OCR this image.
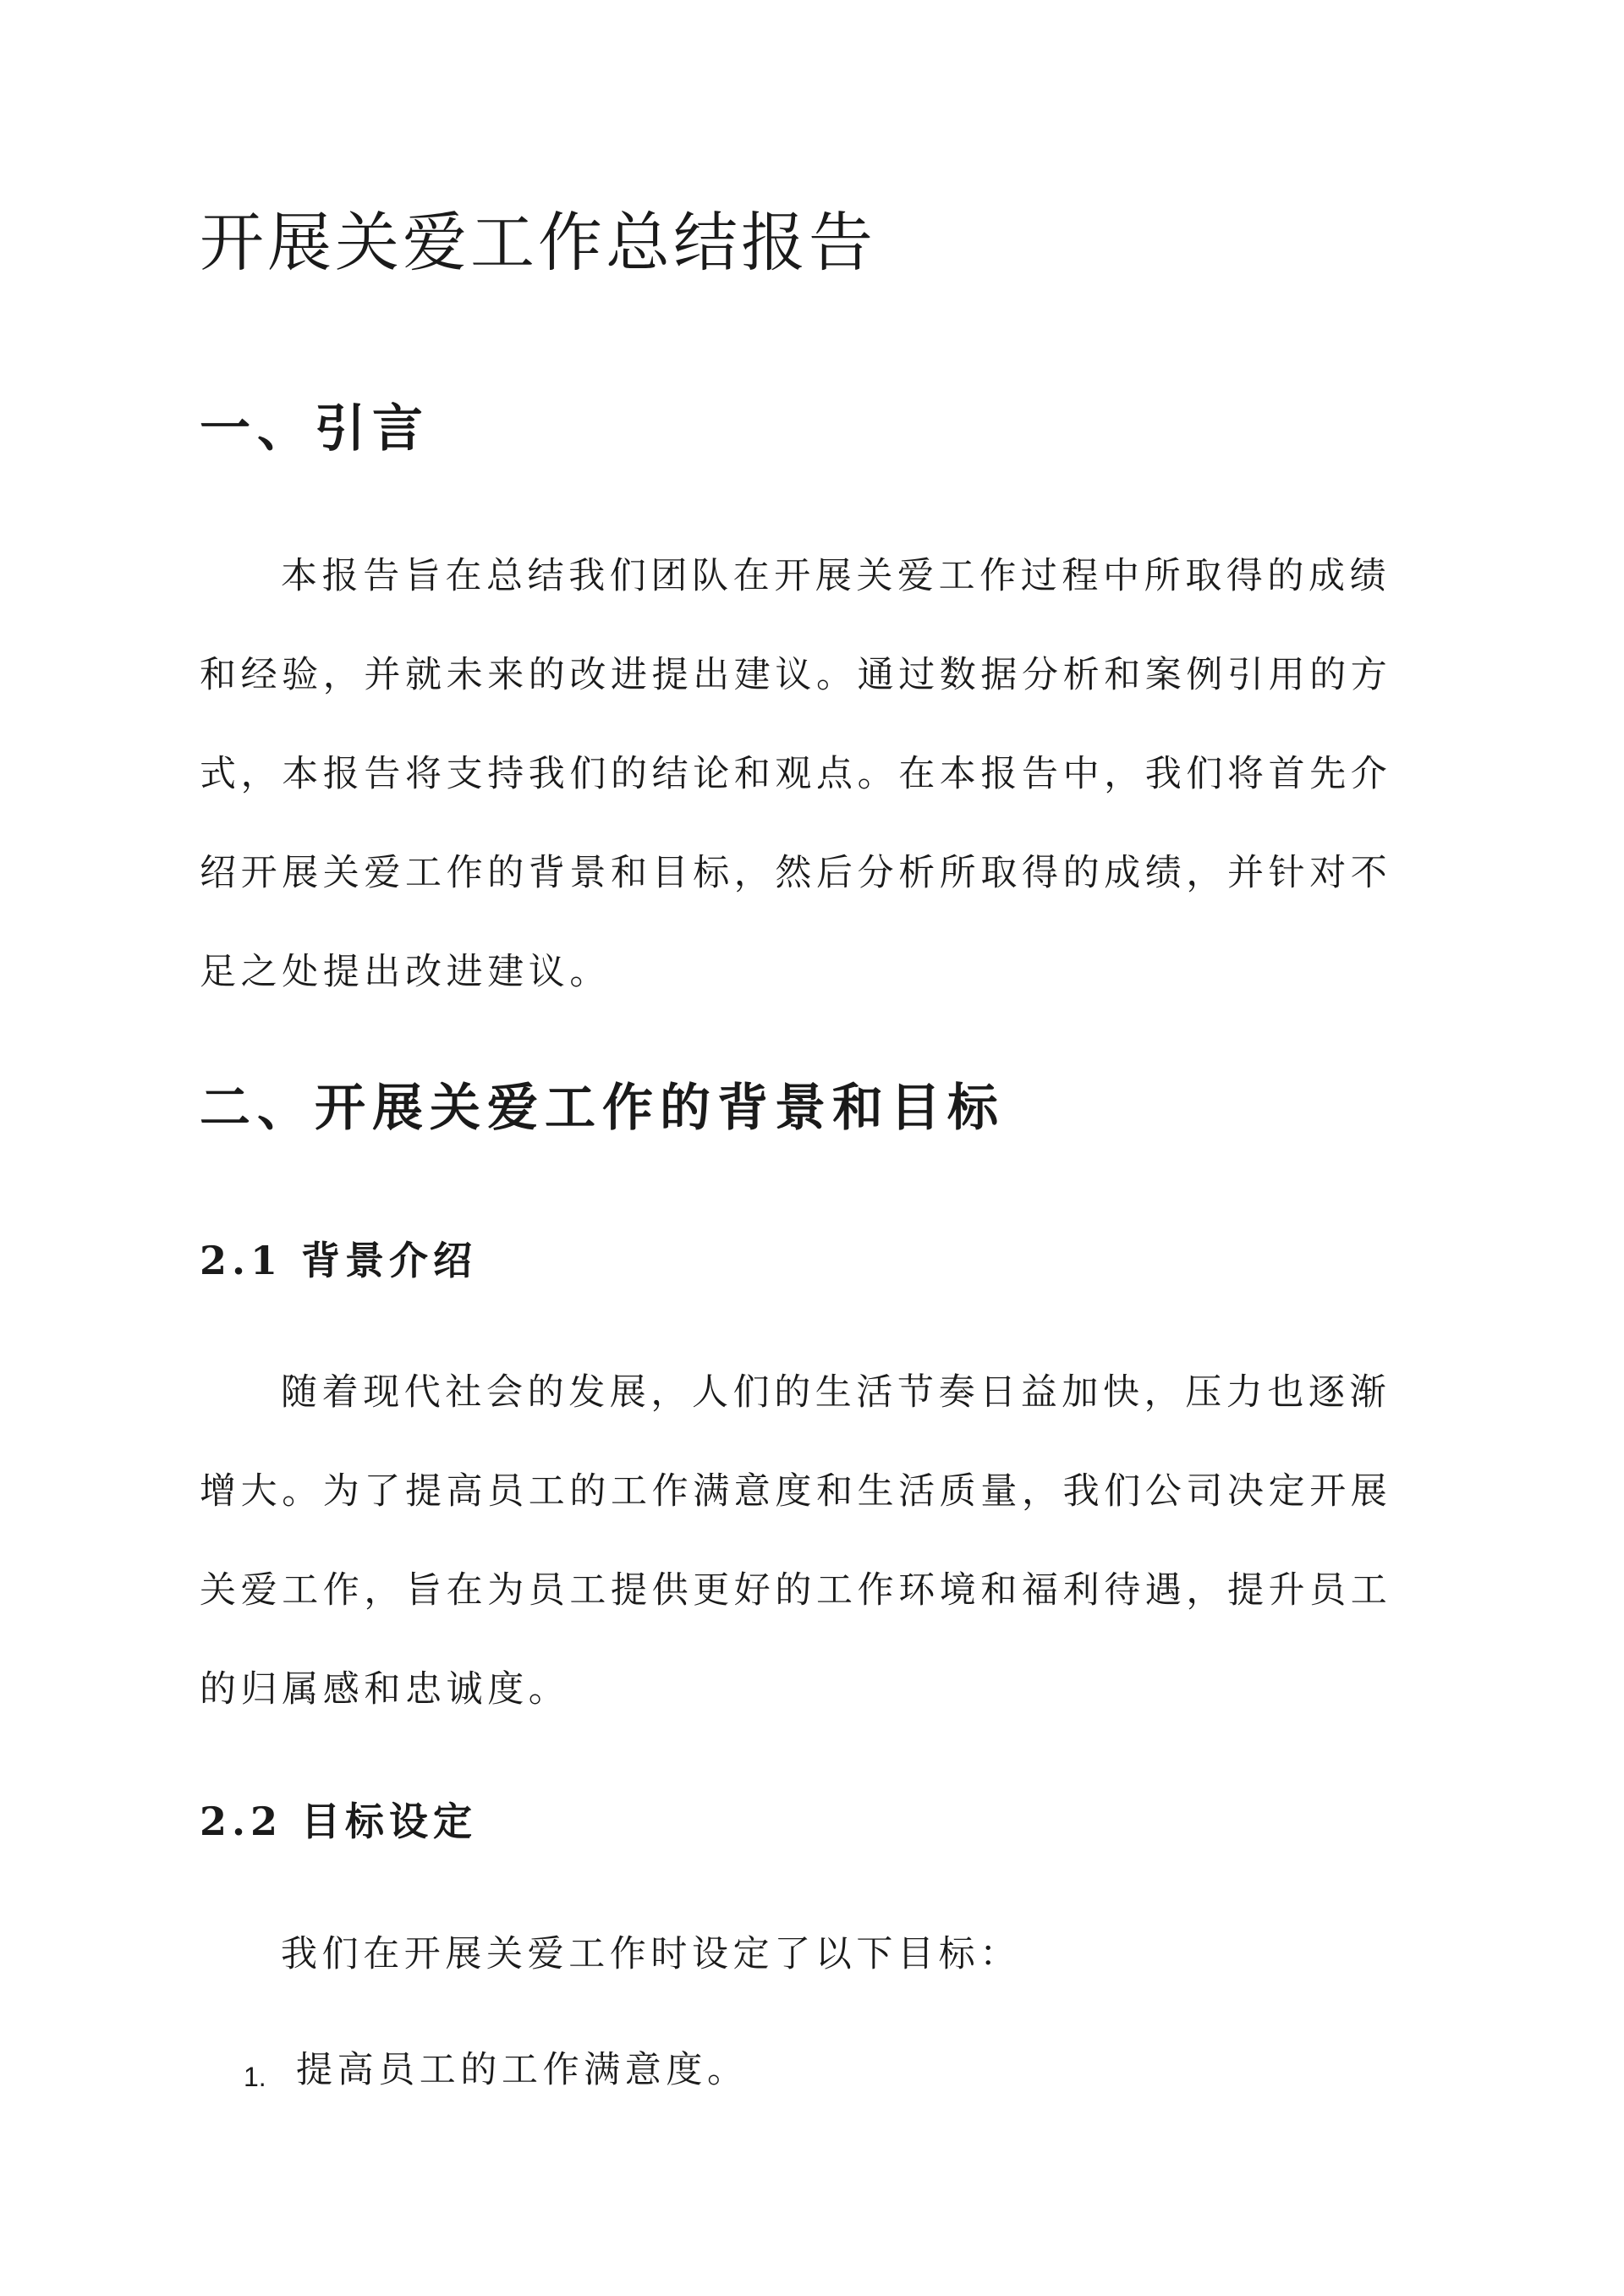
开展关爱工作总结报告
一、引言
本报告旨在总结我们团队在开展关爱工作过程中所取得的成绩
和经验，并就未来的改进提出建议。通过数据分析和案例引用的方
式，本报告将支持我们的结论和观点。在本报告中，我们将首先介
绍开展关爱工作的背景和目标，然后分析所取得的成绩，并针对不
足之处提出改进建议。
二、开展关爱工作的背景和目标
2.1 背景介绍
随着现代社会的发展，人们的生活节奏日益加快，压力也逐渐
增大。为了提高员工的工作满意度和生活质量，我们公司决定开展
关爱工作，旨在为员工提供更好的工作环境和福利待遇，提升员工
的归属感和忠诚度。
2.2 目标设定
我们在开展关爱工作时设定了以下目标：
1. 提高员工的工作满意度。
